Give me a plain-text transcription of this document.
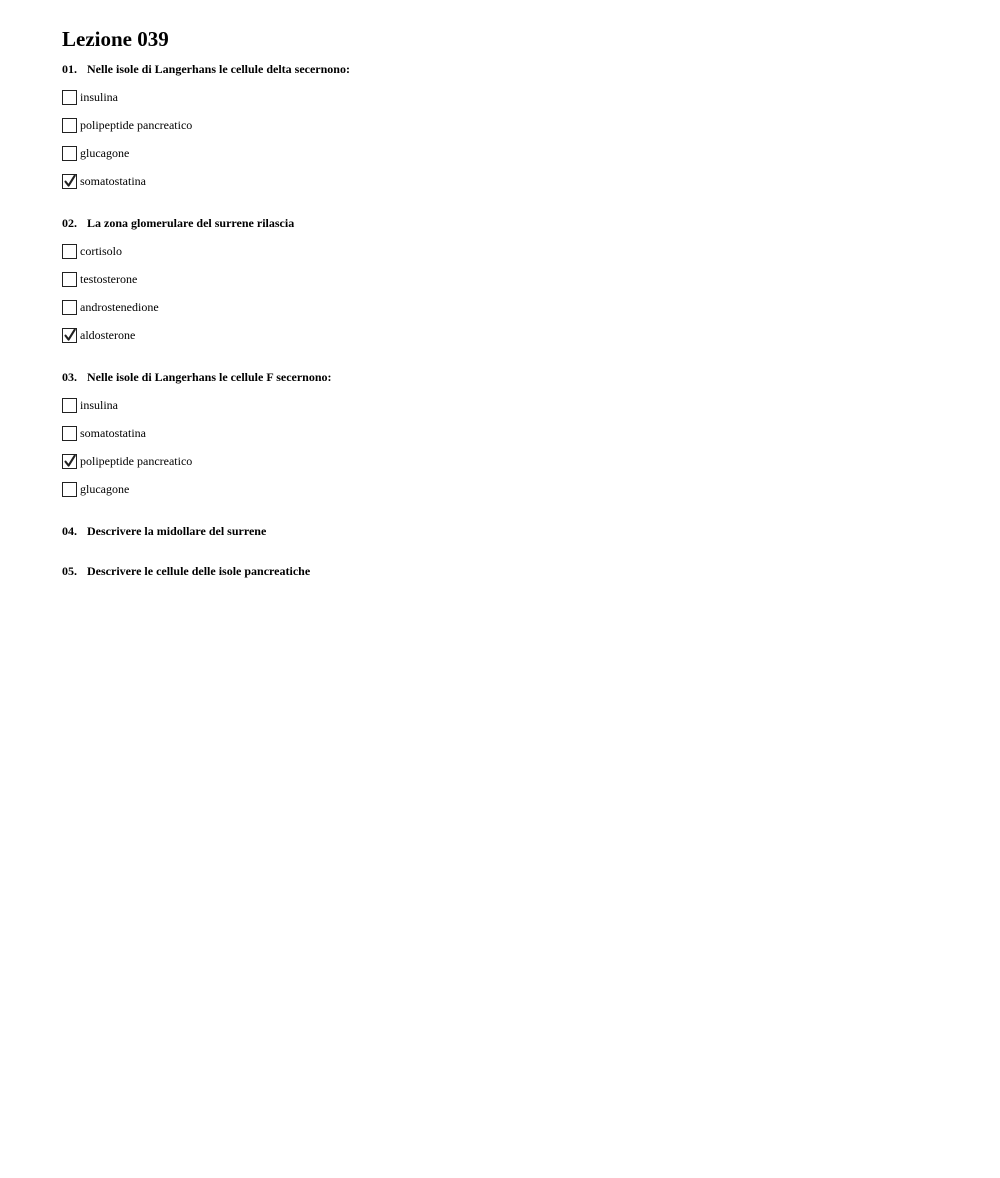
Lezione 039
01. Nelle isole di Langerhans le cellule delta secernono:
insulina
polipeptide pancreatico
glucagone
somatostatina
02. La zona glomerulare del surrene rilascia
cortisolo
testosterone
androstenedione
aldosterone
03. Nelle isole di Langerhans le cellule F secernono:
insulina
somatostatina
polipeptide pancreatico
glucagone
04. Descrivere la midollare del surrene
05. Descrivere le cellule delle isole pancreatiche
